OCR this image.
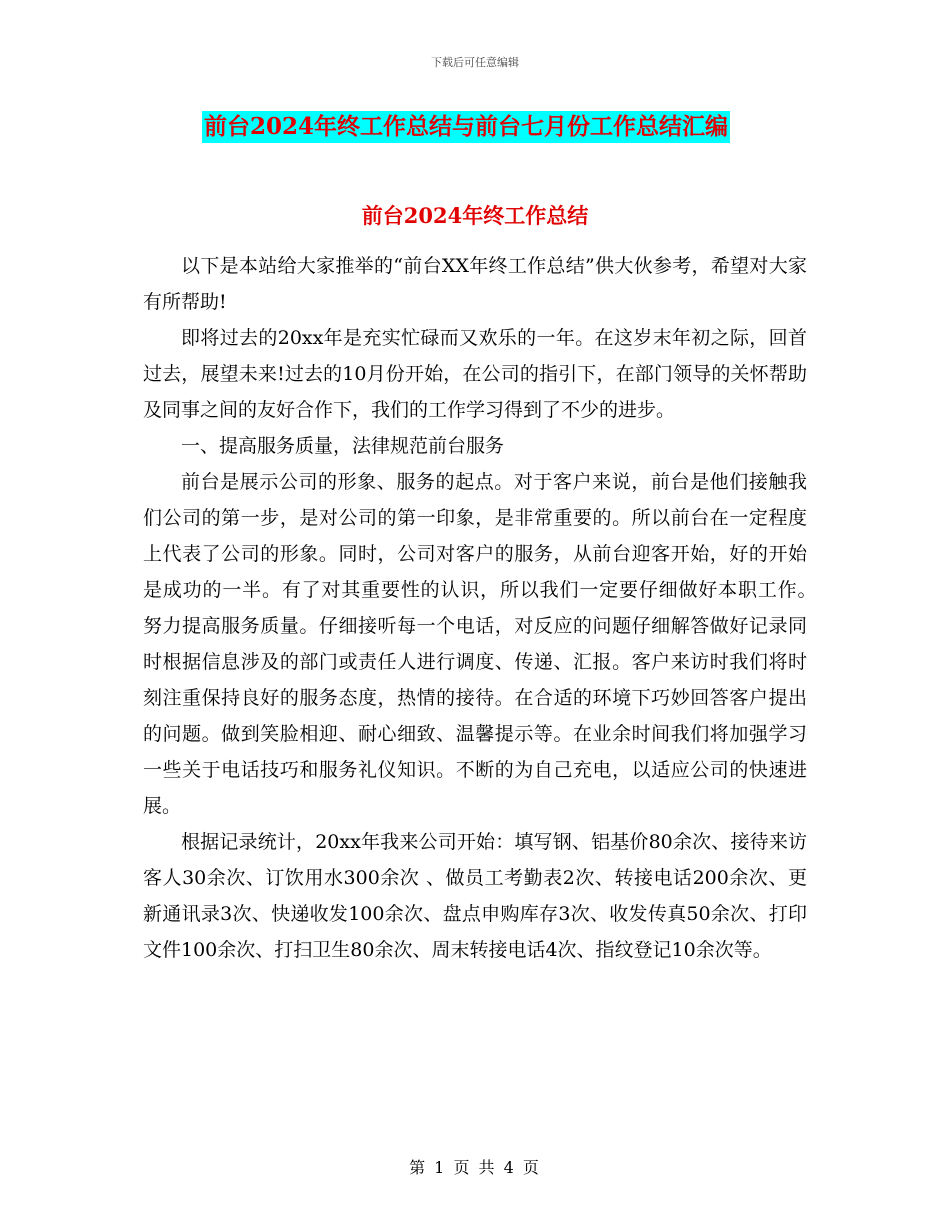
下载后可任意编辑
前台2024年终工作总结与前台七月份工作总结汇编
前台2024年终工作总结

以下是本站给大家推举的“前台XX年终工作总结”供大伙参考，希望对大家有所帮助!

即将过去的20xx年是充实忙碌而又欢乐的一年。在这岁末年初之际，回首过去，展望未来!过去的10月份开始，在公司的指引下，在部门领导的关怀帮助及同事之间的友好合作下，我们的工作学习得到了不少的进步。

一、提高服务质量，法律规范前台服务

前台是展示公司的形象、服务的起点。对于客户来说，前台是他们接触我们公司的第一步，是对公司的第一印象，是非常重要的。所以前台在一定程度上代表了公司的形象。同时，公司对客户的服务，从前台迎客开始，好的开始是成功的一半。有了对其重要性的认识，所以我们一定要仔细做好本职工作。　努力提高服务质量。仔细接听每一个电话，对反应的问题仔细解答做好记录同时根据信息涉及的部门或责任人进行调度、传递、汇报。客户来访时我们将时刻注重保持良好的服务态度，热情的接待。在合适的环境下巧妙回答客户提出的问题。做到笑脸相迎、耐心细致、温馨提示等。在业余时间我们将加强学习一些关于电话技巧和服务礼仪知识。不断的为自己充电，以适应公司的快速进展。

根据记录统计，20xx年我来公司开始：填写钢、铝基价80余次、接待来访客人30余次、订饮用水300余次 、做员工考勤表2次、转接电话200余次、更新通讯录3次、快递收发100余次、盘点申购库存3次、收发传真50余次、打印文件100余次、打扫卫生80余次、周末转接电话4次、指纹登记10余次等。

第 1 页 共 4 页
